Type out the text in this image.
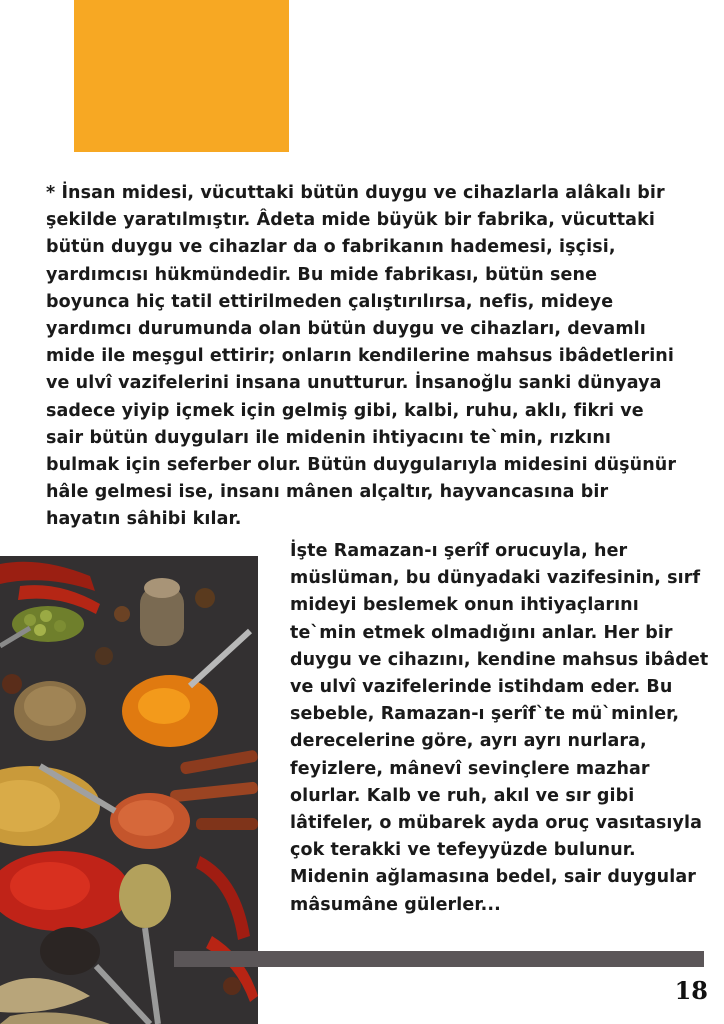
* İnsan midesi, vücuttaki bütün duygu ve cihazlarla alâkalı bir şekilde yaratılmıştır. Âdeta mide büyük bir fabrika, vücuttaki bütün duygu ve cihazlar da o fabrikanın hademesi, işçisi, yardımcısı hükmündedir. Bu mide fabrikası, bütün sene boyunca hiç tatil ettirilmeden çalıştırılırsa, nefis, mideye yardımcı durumunda olan bütün duygu ve cihazları, devamlı mide ile meşgul ettirir; onların kendilerine mahsus ibâdetlerini ve ulvî vazifelerini insana unutturur. İnsanoğlu sanki dünyaya sadece yiyip içmek için gelmiş gibi, kalbi, ruhu, aklı, fikri ve sair bütün duyguları ile midenin ihtiyacını te`min, rızkını bulmak için seferber olur. Bütün duygularıyla midesini düşünür hâle gelmesi ise, insanı mânen alçaltır, hayvancasına bir hayatın sâhibi kılar.

İşte Ramazan-ı şerîf orucuyla, her müslüman, bu dünyadaki vazifesinin, sırf mideyi beslemek onun ihtiyaçlarını te`min etmek olmadığını anlar. Her bir duygu ve cihazını, kendine mahsus ibâdet ve ulvî vazifelerinde istihdam eder. Bu sebeble, Ramazan-ı şerîf`te mü`minler, derecelerine göre, ayrı ayrı nurlara, feyizlere, mânevî sevinçlere mazhar olurlar. Kalb ve ruh, akıl ve sır gibi lâtifeler, o mübarek ayda oruç vasıtasıyla çok terakki ve tefeyyüzde bulunur. Midenin ağlamasına bedel, sair duygular mâsumâne gülerler...

18
